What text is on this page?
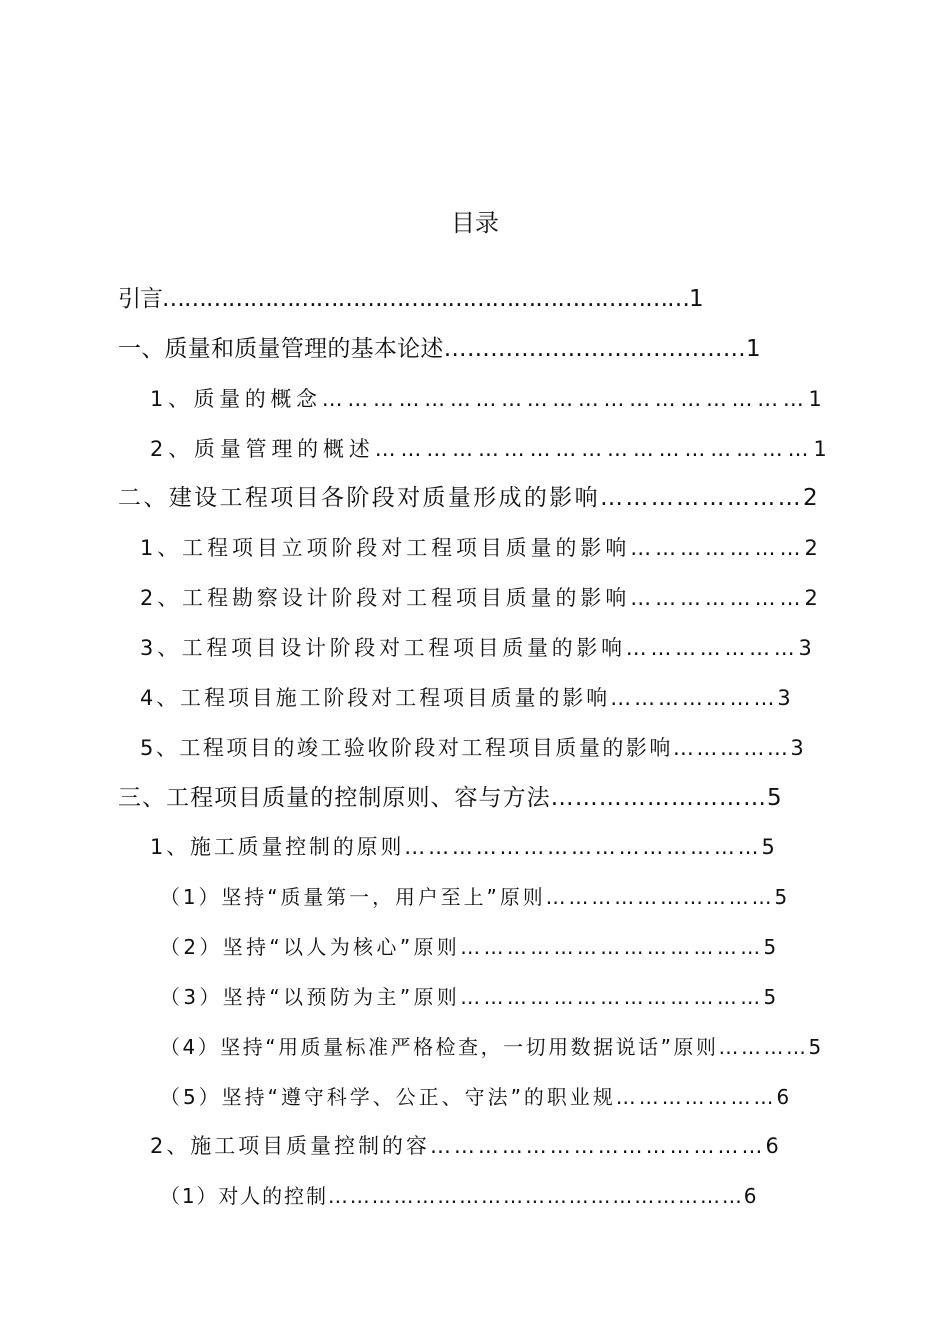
目录
引言………………………………………………………………1
一、质量和质量管理的基本论述…………………………………1
1、质量的概念…………………………………………………1
2、质量管理的概述……………………………………………1
二、建设工程项目各阶段对质量形成的影响……………………2
1、工程项目立项阶段对工程项目质量的影响…………………2
2、工程勘察设计阶段对工程项目质量的影响…………………2
3、工程项目设计阶段对工程项目质量的影响…………………3
4、工程项目施工阶段对工程项目质量的影响…………………3
5、工程项目的竣工验收阶段对工程项目质量的影响……………3
三、工程项目质量的控制原则、容与方法………………………5
1、施工质量控制的原则………………………………………5
（1）坚持“质量第一，用户至上”原则…………………………5
（2）坚持“以人为核心”原则…………………………………5
（3）坚持“以预防为主”原则…………………………………5
（4）坚持“用质量标准严格检查，一切用数据说话”原则…………5
（5）坚持“遵守科学、公正、守法”的职业规…………………6
2、施工项目质量控制的容……………………………………6
（1）对人的控制…………………………………………………6
